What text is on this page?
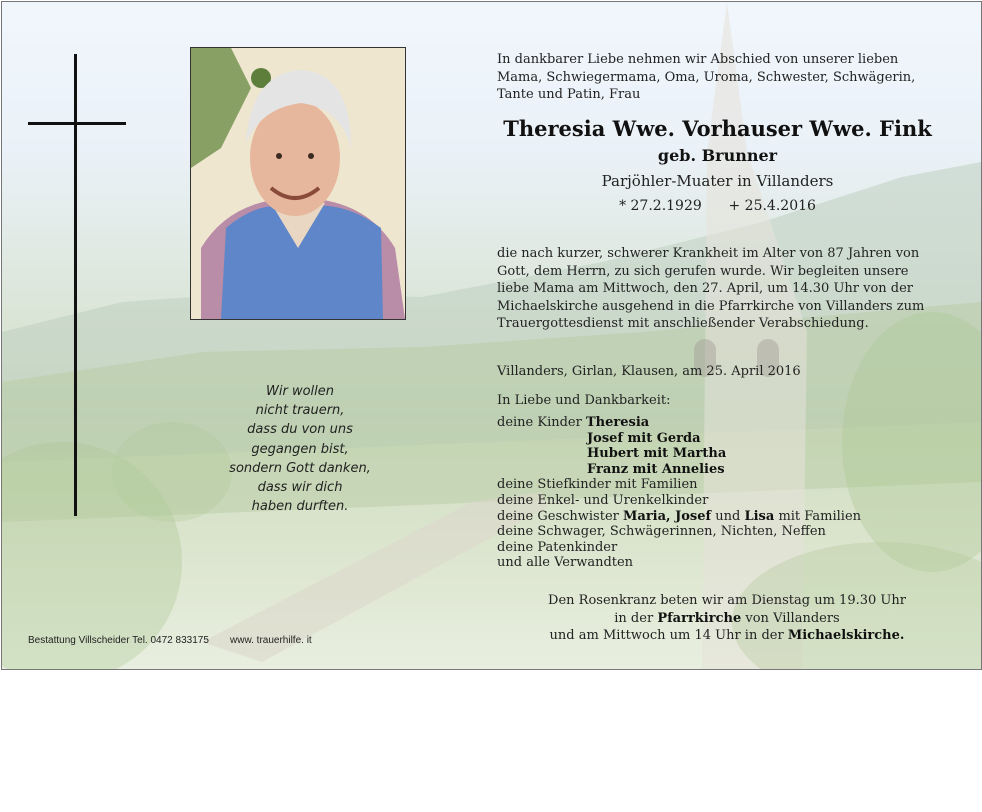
Wir wollen
nicht trauern,
dass du von uns
gegangen bist,
sondern Gott danken,
dass wir dich
haben durften.
In dankbarer Liebe nehmen wir Abschied von unserer lieben Mama, Schwiegermama, Oma, Uroma, Schwester, Schwägerin, Tante und Patin, Frau
Theresia Wwe. Vorhauser Wwe. Fink
geb. Brunner
Parjöhler-Muater in Villanders
* 27.2.1929      + 25.4.2016
die nach kurzer, schwerer Krankheit im Alter von 87 Jahren von Gott, dem Herrn, zu sich gerufen wurde. Wir begleiten unsere liebe Mama am Mittwoch, den 27. April, um 14.30 Uhr von der Michaelskirche ausgehend in die Pfarrkirche von Villanders zum Trauergottesdienst mit anschließender Verabschiedung.
Villanders, Girlan, Klausen, am 25. April 2016
In Liebe und Dankbarkeit:
deine Kinder Theresia
Josef mit Gerda
Hubert mit Martha
Franz mit Annelies
deine Stiefkinder mit Familien
deine Enkel- und Urenkelkinder
deine Geschwister Maria, Josef und Lisa mit Familien
deine Schwager, Schwägerinnen, Nichten, Neffen
deine Patenkinder
und alle Verwandten
Den Rosenkranz beten wir am Dienstag um 19.30 Uhr
in der Pfarrkirche von Villanders
und am Mittwoch um 14 Uhr in der Michaelskirche.
Bestattung Villscheider Tel. 0472 833175 www. trauerhilfe. it
